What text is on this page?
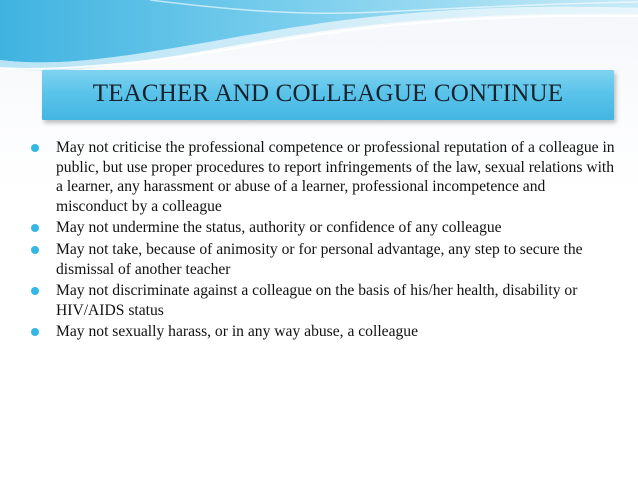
TEACHER AND COLLEAGUE CONTINUE
May not criticise the professional competence or professional reputation of a colleague in public, but use proper procedures to report infringements of the law, sexual relations with a learner, any harassment or abuse of a learner, professional incompetence and misconduct by a colleague
May not undermine the status, authority or confidence of any colleague
May not take, because of animosity or for personal advantage, any step to secure the dismissal of another teacher
May not discriminate against a colleague on the basis of his/her health, disability or HIV/AIDS status
May not sexually harass, or in any way abuse, a colleague
